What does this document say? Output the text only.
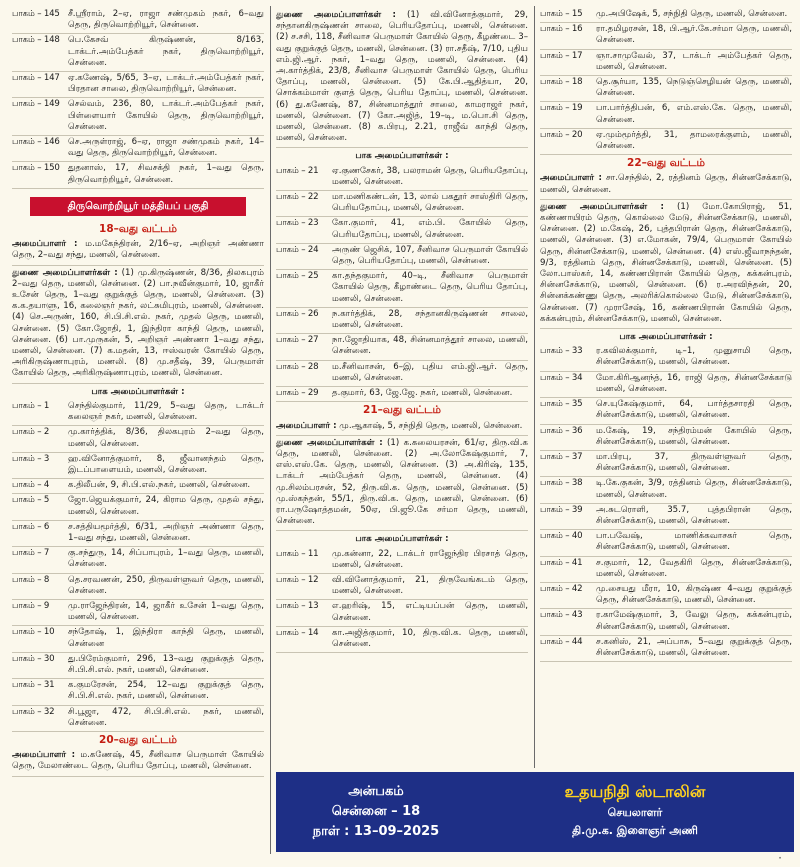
பாகம் – 145 சீ.ஸ்ரீராம், 2–ஏ, ராஜா சண்முகம் நகர், 6–வது தெரு, திருவொற்றியூர், சென்னை.
பாகம் – 148 பெ.கேசவ் கிருஷ்ணன், 8/163, டாக்டர்.அம்பேத்கர் நகர், திருவொற்றியூர், சென்னை.
பாகம் – 147 ஏ.கணேஷ், 5/65, 3–ஏ, டாக்டர்.அம்பேத்கர் நகர், பிரதான சாலை, திருவொற்றியூர், சென்னை.
பாகம் – 149 செல்வம், 236, 80, டாக்டர்.அம்பேத்கர் நகர், பிள்ளையார் கோயில் தெரு, திருவொற்றியூர், சென்னை.
பாகம் – 146 செ.அருள்ராஜ், 6–ஏ, ராஜா சண்முகம் நகர், 14–வது தெரு, திருவொற்றியூர், சென்னை.
பாகம் – 150 துதனாஸ், 17, சிவசக்தி நகர், 1–வது தெரு, திருவொற்றியூர், சென்னை.
திருவொற்றியூர் மத்தியப் பகுதி
18–வது வட்டம்
அமைப்பாளர் : ம.மகேந்திரன், 2/16–ஏ, அறிஞர் அண்ணா தெரு, 2–வது சந்து, மணலி, சென்னை.
துணை அமைப்பாளர்கள் : (1) மு.கிருஷ்ணன், 8/36, திலகபுரம் 2–வது தெரு, மணலி, சென்னை. (2) பா.நவீன்குமார், 10, ஜாகீர் உசேன் தெரு, 1–வது குறுக்குத் தெரு, மணலி, சென்னை. (3) க.க.தயாளு, 16, கலைஞர் நகர், லட்சுமிபுரம், மணலி, சென்னை. (4) செ.அருண், 160, சி.பி.சி.எல். நகர், முதல் தெரு, மணலி, சென்னை. (5) கோ.ஜோதி, 1, இந்திரா காந்தி தெரு, மணலி, சென்னை. (6) பா.முருகன், 5, அறிஞர் அண்ணா 1–வது சந்து, மணலி, சென்னை. (7) க.மதன், 13, ஈஸ்வரன் கோயில் தெரு, அரிகிருஷ்ணாபுரம், மணலி. (8) மு.சதீஷ், 39, பெருமாள் கோயில் தெரு, அரிகிருஷ்ணாபுரம், மணலி, சென்னை.
பாக அமைப்பாளர்கள் :
பாகம் – 1	செந்தில்குமார், 11/29, 5–வது தெரு, டாக்டர் கலைஞர் நகர், மணலி, சென்னை.
பாகம் – 2	மு.கார்த்திக், 8/36, திலகபுரம் 2–வது தெரு, மணலி, சென்னை.
பாகம் – 3	ஹ.வினோத்குமார், 8, ஜீவானந்தம் தெரு, இடப்பாளையம், மணலி, சென்னை.
பாகம் – 4	க.திலீபன், 9, சி.பி.எல்.நகர், மணலி, சென்னை.
பாகம் – 5	ஜோ.ஜெயக்குமார், 24, கிராம தெரு, முதல் சந்து, மணலி, சென்னை.
பாகம் – 6	ச.சத்தியமூர்த்தி, 6/31, அறிஞர் அண்ணா தெரு, 1–வது சந்து, மணலி, சென்னை.
பாகம் – 7	கு.சந்துரு, 14, சிப்பாபுரம், 1–வது தெரு, மணலி, சென்னை.
பாகம் – 8	தெ.சரவணன், 250, திருவள்ளுவர் தெரு, மணலி, சென்னை.
பாகம் – 9	மு.ராஜேந்திரன், 14, ஜாகீர் உசேன் 1–வது தெரு, மணலி, சென்னை.
பாகம் – 10	சந்தோஷ், 1, இந்திரா காந்தி தெரு, மணலி, சென்னை
பாகம் – 30	து.பிரேம்குமார், 296, 13–வது குறுக்குத் தெரு, சி.பி.சி.எல். நகர், மணலி, சென்னை.
பாகம் – 31	க.குமரேசன், 254, 12–வது குறுக்குத் தெரு, சி.பி.சி.எல். நகர், மணலி, சென்னை.
பாகம் – 32	சி.பூஜா, 472, சி.பி.சி.எல். நகர், மணலி, சென்னை.
20–வது வட்டம்
அமைப்பாளர் : ம.கணேஷ், 45, சீனிவாச பெருமாள் கோயில் தெரு, மேலாண்டை தெரு, பெரிய தோப்பு, மணலி, சென்னை.
துணை அமைப்பாளர்கள் : (1) வி.வினோத்குமார், 29, சந்தானகிருஷ்ணன் சாலை, பெரியதோப்பு, மணலி, சென்னை. (2) ச.சசி, 118, சீனிவாச பெருமாள் கோயில் தெரு, கீழண்டை 3–வது குறுக்குத் தெரு, மணலி, சென்னை. (3) ரா.சதீஷ், 7/10, புதிய எம்.ஜி.ஆர். நகர், 1–வது தெரு, மணலி, சென்னை. (4) அ.கார்த்திக், 23/8, சீனிவாச பெருமாள் கோயில் தெரு, பெரிய தோப்பு, மணலி, சென்னை. (5) கே.பி.ஆதித்யா, 20, சொக்கம்மாள் குளத் தெரு, பெரிய தோப்பு, மணலி, சென்னை. (6) து.கணேஷ், 87, சின்னமாத்தூர் சாலை, காமராஜர் நகர், மணலி, சென்னை. (7) கோ.அஜித், 19–டி, ம.பொ.சி தெரு, மணலி, சென்னை. (8) க.பிரபு, 2.21, ராஜீவ் காந்தி தெரு, மணலி, சென்னை.
பாக அமைப்பாளர்கள் :
பாகம் – 21	ஏ.குணசேகர், 38, பலராமன் தெரு, பெரியதோப்பு, மணலி, சென்னை.
பாகம் – 22	மா.மணிகண்டன், 13, லால் பகதூர் சாஸ்திரி தெரு, பெரியதோப்பு, மணலி, சென்னை.
பாகம் – 23	கோ.குமார், 41, எம்.பி. கோயில் தெரு, பெரியதோப்பு, மணலி, சென்னை.
பாகம் – 24	அருண் ஜெசிக், 107, சீனிவாச பெருமாள் கோயில் தெரு, பெரியதோப்பு, மணலி, சென்னை.
பாகம் – 25	கா.தந்தகுமார், 40–டி, சீனிவாச பெருமாள் கோயில் தெரு, கீழாண்டை தெரு, பெரிய தோப்பு, மணலி, சென்னை.
பாகம் – 26	ந.கார்த்திக், 28, சந்தானகிருஷ்ணன் சாலை, மணலி, சென்னை.
பாகம் – 27	நா.ஜோதியாக, 48, சின்னமாத்தூர் சாலை, மணலி, சென்னை.
பாகம் – 28	ம.சீனிவாசன், 6–இ, புதிய எம்.ஜி.ஆர். தெரு, மணலி, சென்னை.
பாகம் – 29	த.குமார், 63, ஜே.ஜே. நகர், மணலி, சென்னை.
21–வது வட்டம்
அமைப்பாளர் : மு.ஆகாஷ், 5, சந்நிதி தெரு, மணலி, சென்னை.
துணை அமைப்பாளர்கள் : (1) க.கலையரசன், 61/ஏ, திரு.வி.க தெரு, மணலி, சென்னை. (2) அ.லோகேஷ்குமார், 7, எஸ்.எஸ்.கே. தெரு, மணலி, சென்னை. (3) அ.கிரிஷ், 135, டாக்டர் அம்பேத்கர் தெரு, மணலி, சென்னை. (4) மு.சிலம்பரசன், 52, திரு.வி.க. தெரு, மணலி, சென்னை. (5) மு.ஸ்கந்தன், 55/1, திரு.வி.க. தெரு, மணலி, சென்னை. (6) ரா.பருஷோத்தமன், 50ஏ, பி.ஜூ.கே சர்மா தெரு, மணலி, சென்னை.
பாக அமைப்பாளர்கள் :
பாகம் – 11	மு.கன்னா, 22, டாக்டர் ராஜேந்திர பிரசாத் தெரு, மணலி, சென்னை.
பாகம் – 12	வி.வினோத்குமார், 21, திருவேங்கடம் தெரு, மணலி, சென்னை.
பாகம் – 13	எ.ஹரிஷ், 15, எட்டியப்பன் தெரு, மணலி, சென்னை.
பாகம் – 14	கா.அஜித்குமார், 10, திரு.வி.க. தெரு, மணலி, சென்னை.
பாகம் – 15	மு.அபிஷேக், 5, சந்நிதி தெரு, மணலி, சென்னை.
பாகம் – 16	ரா.தமிழரசன், 18, பி.ஆர்.கே.சர்மா தெரு, மணலி, சென்னை.
பாகம் – 17	ஞா.சாமுவேல், 37, டாக்டர் அம்பேத்கர் தெரு, மணலி, சென்னை.
பாகம் – 18	தெ.சூர்யா, 135, நெடுஞ்செழியன் தெரு, மணலி, சென்னை.
பாகம் – 19	பா.பார்த்திபன், 6, எம்.எஸ்.கே. தெரு, மணலி, சென்னை.
பாகம் – 20	ஏ.மும்மூர்த்தி, 31, தாமரைக்குளம், மணலி, சென்னை.
22–வது வட்டம்
அமைப்பாளர் : சா.செந்தில், 2, ரத்தினம் தெரு, சின்னசேக்காடு, மணலி, சென்னை.
துணை அமைப்பாளர்கள் : (1) மோ.கோபிராஜ், 51, கண்ணாயிரம் தெரு, கொல்லை மேடு, சின்னசேக்காடு, மணலி, சென்னை. (2) ம.கேஷ், 26, புத்தபிரான் தெரு, சின்னசேக்காடு, மணலி, சென்னை. (3) எ.மோகன், 79/4, பெருமாள் கோயில் தெரு, சின்னசேக்காடு, மணலி, சென்னை. (4) எஸ்.ஜீவாநந்தன், 9/3, ரத்தினம் தெரு, சின்னசேக்காடு, மணலி, சென்னை. (5) லோ.பாஸ்கர், 14, கண்ணபிரான் கோயில் தெரு, கக்கன்புரம், சின்னசேக்காடு, மணலி, சென்னை. (6) ர.அரவிந்தன், 20, சின்னக்கண்ணு தெரு, அலரிக்கொல்லை மேடு, சின்னசேக்காடு, சென்னை. (7) முராசேஷ், 16, கண்ணபிரான் கோயில் தெரு, கக்கன்புரம், சின்னசேக்காடு, மணலி, சென்னை.
பாக அமைப்பாளர்கள் :
பாகம் – 33	ர.கவிலக்குமார், டி–1, முனுசாமி தெரு, சின்னசேக்காடு, மணலி, சென்னை.
பாகம் – 34	மோ.கிரிஆனந்த், 16, ராஜி தெரு, சின்னசேக்காடு மணலி, சென்னை.
பாகம் – 35	செ.யுகேஷ்குமார், 64, பார்த்தசாரதி தெரு, சின்னசேக்காடு, மணலி, சென்னை.
பாகம் – 36	ம.கேஷ், 19, சந்திரம்மன் கோயில் தெரு, சின்னசேக்காடு, மணலி, சென்னை.
பாகம் – 37	மா.பிரபு, 37, திருவள்ளுவர் தெரு, சின்னசேக்காடு, மணலி, சென்னை.
பாகம் – 38	டி.கே.குகன், 3/9, ரத்தினம் தெரு, சின்னசேக்காடு, மணலி, சென்னை.
பாகம் – 39	அ.சுடரொளி, 35.7, புத்தபிரான் தெரு, சின்னசேக்காடு, மணலி, சென்னை.
பாகம் – 40	பா.பவேஷ், மாணிக்கவாசகர் தெரு, சின்னசேக்காடு, மணலி, சென்னை.
பாகம் – 41	ச.குமார், 12, வேதகிரி தெரு, சின்னசேக்காடு, மணலி, சென்னை.
பாகம் – 42	மு.சையது மீரா, 10, கிருஷ்ண 4–வது குறுக்குத் தெரு, சின்னசேக்காடு, மணலி, சென்னை.
பாகம் – 43	ர.காமேஷ்குமார், 3, வேலு தெரு, கக்கன்புரம், சின்னசேக்காடு, மணலி, சென்னை.
பாகம் – 44	ச.கனிஸ், 21, அப்பாசு, 5–வது குறுக்குத் தெரு, சின்னசேக்காடு, மணலி, சென்னை.
அன்பகம்
சென்னை – 18
நாள் : 13–09–2025
உதயநிதி ஸ்டாலின்
செயலாளர்
தி.மு.க. இளைஞர் அணி
·
